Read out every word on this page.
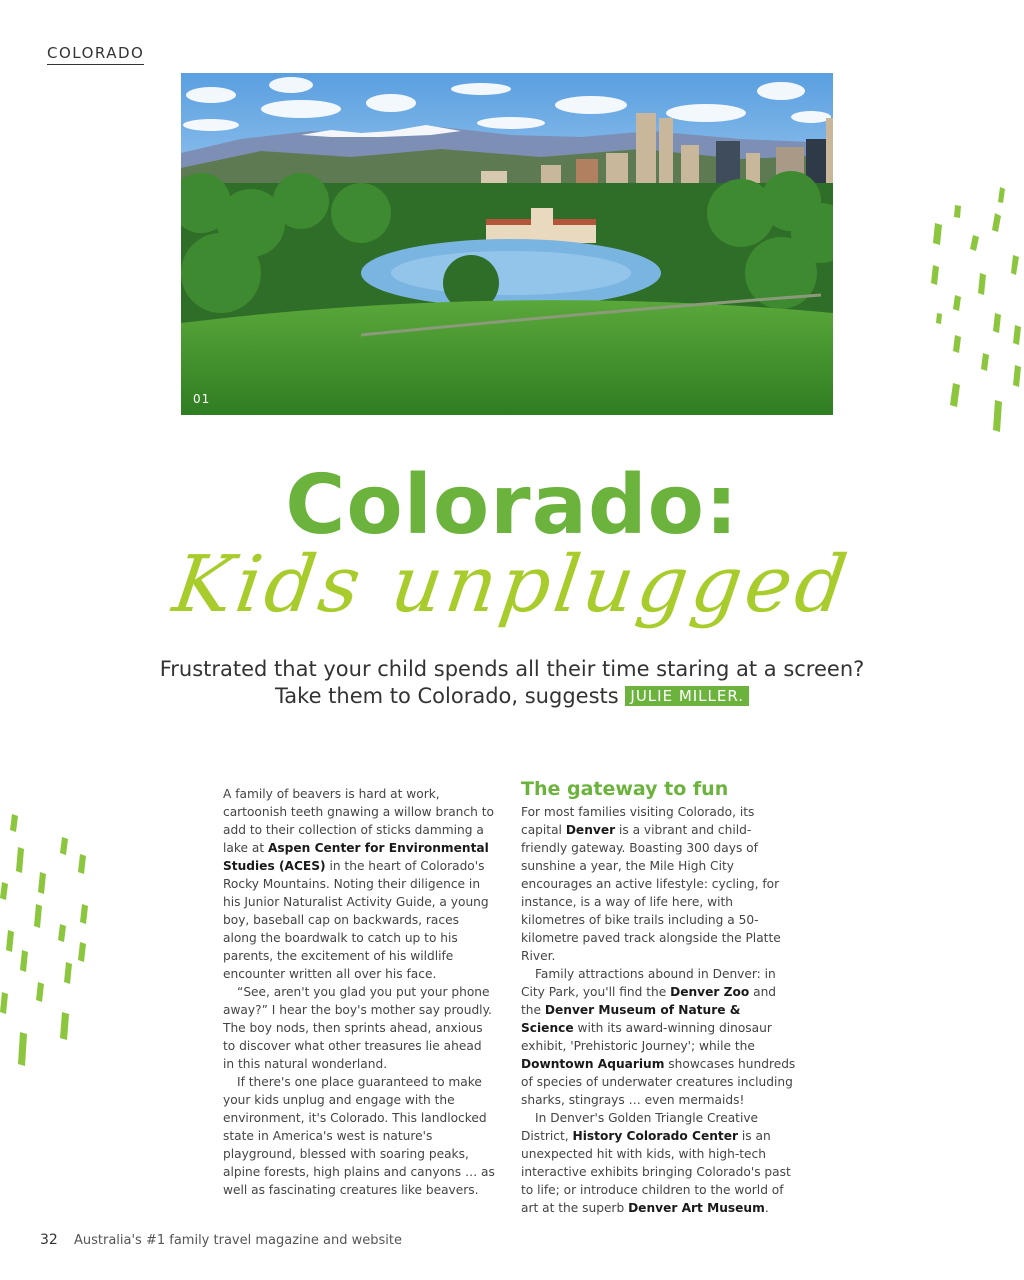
COLORADO
01
Colorado:
Kids unplugged
Frustrated that your child spends all their time staring at a screen?
Take them to Colorado, suggests JULIE MILLER.

A family of beavers is hard at work, cartoonish teeth gnawing a willow branch to add to their collection of sticks damming a lake at Aspen Center for Environmental Studies (ACES) in the heart of Colorado's Rocky Mountains. Noting their diligence in his Junior Naturalist Activity Guide, a young boy, baseball cap on backwards, races along the boardwalk to catch up to his parents, the excitement of his wildlife encounter written all over his face.

“See, aren't you glad you put your phone away?” I hear the boy's mother say proudly. The boy nods, then sprints ahead, anxious to discover what other treasures lie ahead in this natural wonderland.

If there's one place guaranteed to make your kids unplug and engage with the environment, it's Colorado. This landlocked state in America's west is nature's playground, blessed with soaring peaks, alpine forests, high plains and canyons … as well as fascinating creatures like beavers.

The gateway to fun

For most families visiting Colorado, its capital Denver is a vibrant and child-friendly gateway. Boasting 300 days of sunshine a year, the Mile High City encourages an active lifestyle: cycling, for instance, is a way of life here, with kilometres of bike trails including a 50-kilometre paved track alongside the Platte River.

Family attractions abound in Denver: in City Park, you'll find the Denver Zoo and the Denver Museum of Nature & Science with its award-winning dinosaur exhibit, 'Prehistoric Journey'; while the Downtown Aquarium showcases hundreds of species of underwater creatures including sharks, stingrays … even mermaids!

In Denver's Golden Triangle Creative District, History Colorado Center is an unexpected hit with kids, with high-tech interactive exhibits bringing Colorado's past to life; or introduce children to the world of art at the superb Denver Art Museum.

32 Australia's #1 family travel magazine and website
